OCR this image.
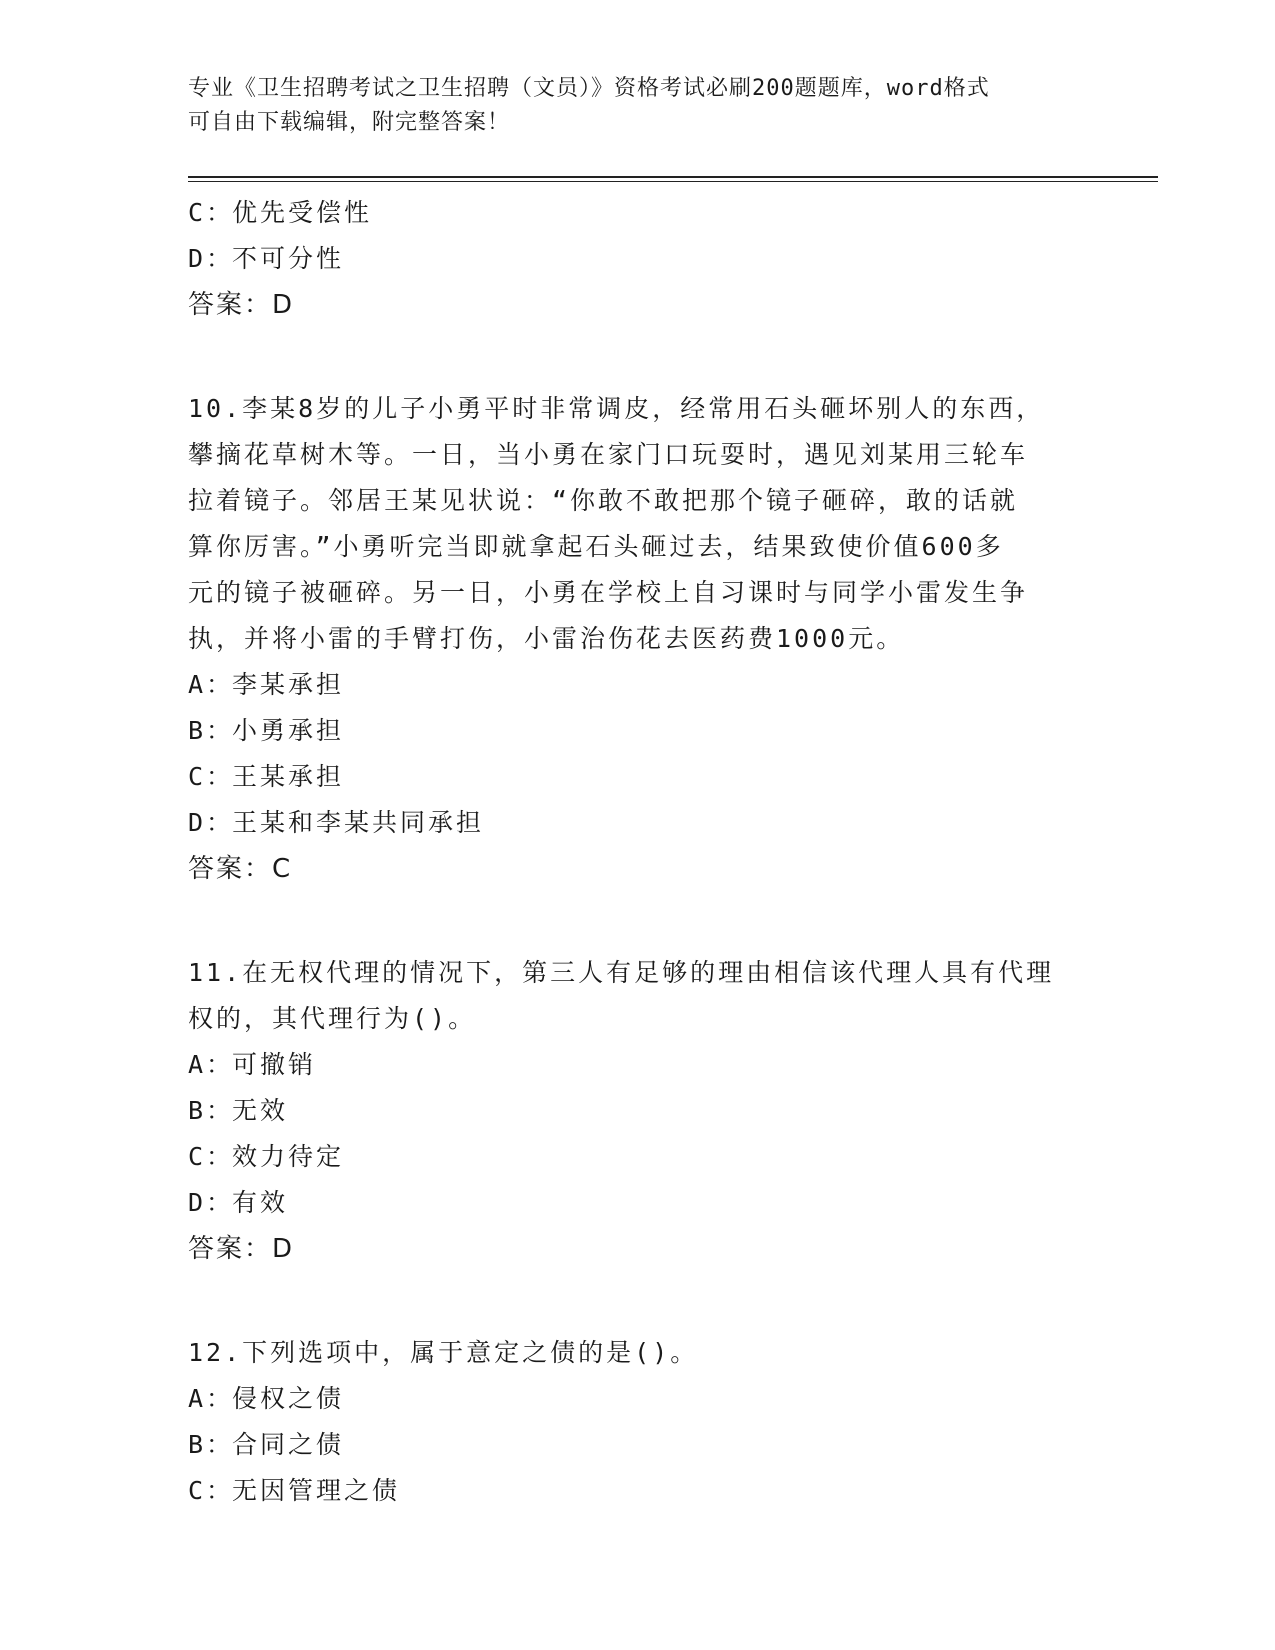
专业《卫生招聘考试之卫生招聘（文员）》资格考试必刷200题题库，word格式
可自由下载编辑，附完整答案！
C：优先受偿性
D：不可分性
答案：D
10.李某8岁的儿子小勇平时非常调皮，经常用石头砸坏别人的东西，
攀摘花草树木等。一日，当小勇在家门口玩耍时，遇见刘某用三轮车
拉着镜子。邻居王某见状说：“你敢不敢把那个镜子砸碎，敢的话就
算你厉害。”小勇听完当即就拿起石头砸过去，结果致使价值600多
元的镜子被砸碎。另一日，小勇在学校上自习课时与同学小雷发生争
执，并将小雷的手臂打伤，小雷治伤花去医药费1000元。
A：李某承担
B：小勇承担
C：王某承担
D：王某和李某共同承担
答案：C
11.在无权代理的情况下，第三人有足够的理由相信该代理人具有代理
权的，其代理行为()。
A：可撤销
B：无效
C：效力待定
D：有效
答案：D
12.下列选项中，属于意定之债的是()。
A：侵权之债
B：合同之债
C：无因管理之债
